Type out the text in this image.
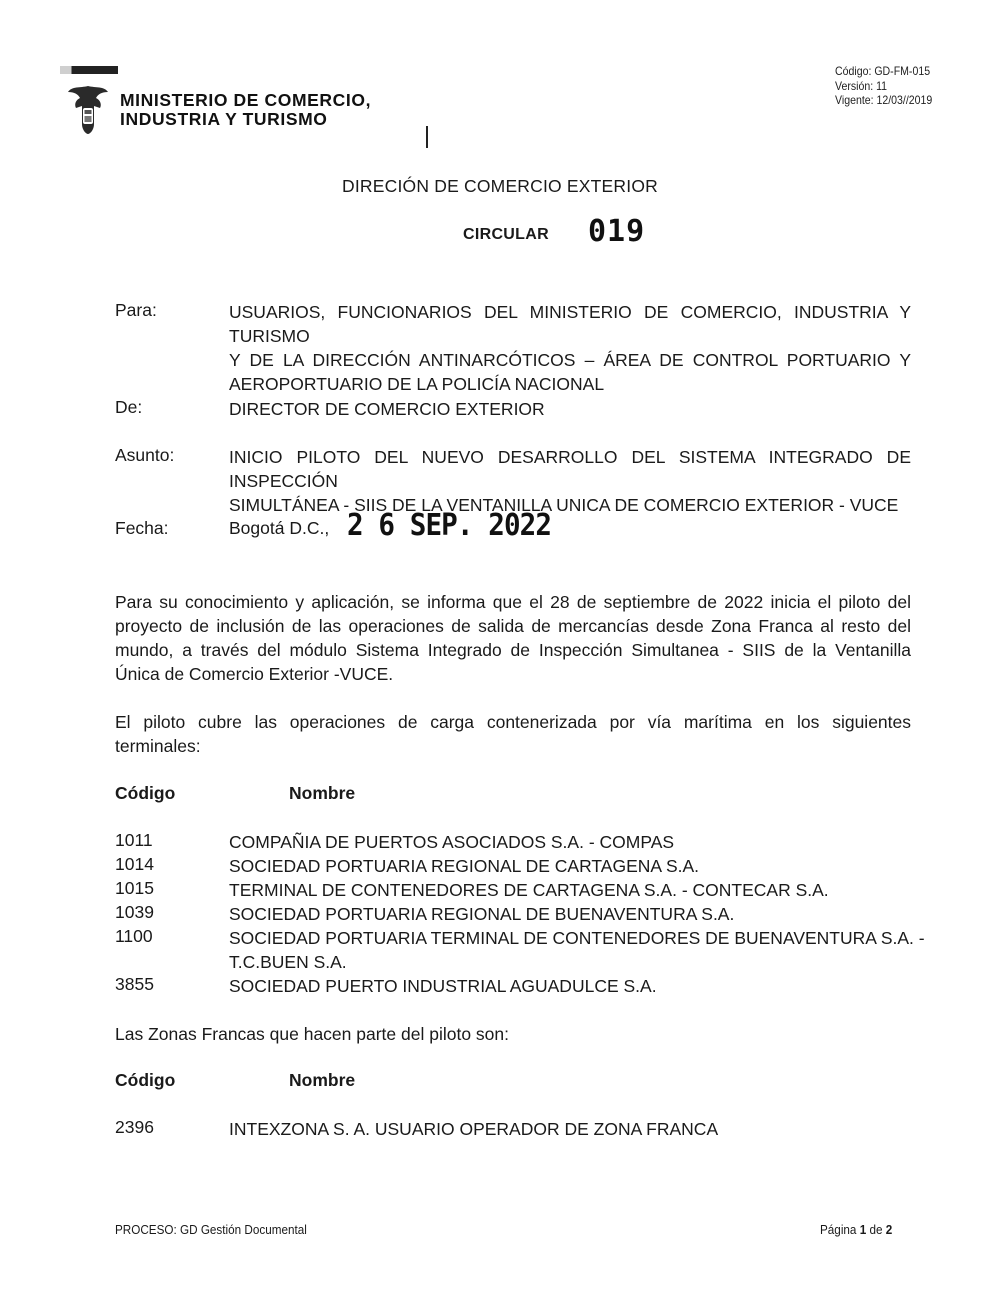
MINISTERIO DE COMERCIO,
INDUSTRIA Y TURISMO
Código: GD-FM-015
Versión: 11
Vigente: 12/03//2019
DIRECIÓN DE COMERCIO EXTERIOR
CIRCULAR 019
Para:	USUARIOS, FUNCIONARIOS DEL MINISTERIO DE COMERCIO, INDUSTRIA Y TURISMO
Y DE LA DIRECCIÓN ANTINARCÓTICOS – ÁREA DE CONTROL PORTUARIO Y
AEROPORTUARIO DE LA POLICÍA NACIONAL
De:	DIRECTOR DE COMERCIO EXTERIOR
Asunto:	INICIO PILOTO DEL NUEVO DESARROLLO DEL SISTEMA INTEGRADO DE INSPECCIÓN
SIMULTÁNEA - SIIS DE LA VENTANILLA UNICA DE COMERCIO EXTERIOR - VUCE
Fecha:	Bogotá D.C., 2 6 SEP. 2022
Para su conocimiento y aplicación, se informa que el 28 de septiembre de 2022 inicia el piloto del
proyecto de inclusión de las operaciones de salida de mercancías desde Zona Franca al resto del
mundo, a través del módulo Sistema Integrado de Inspección Simultanea - SIIS de la Ventanilla
Única de Comercio Exterior -VUCE.
El piloto cubre las operaciones de carga contenerizada por vía marítima en los siguientes
terminales:
Código	Nombre
1011	COMPAÑIA DE PUERTOS ASOCIADOS S.A. - COMPAS
1014	SOCIEDAD PORTUARIA REGIONAL DE CARTAGENA S.A.
1015	TERMINAL DE CONTENEDORES DE CARTAGENA S.A. - CONTECAR S.A.
1039	SOCIEDAD PORTUARIA REGIONAL DE BUENAVENTURA S.A.
1100	SOCIEDAD PORTUARIA TERMINAL DE CONTENEDORES DE BUENAVENTURA S.A. -
T.C.BUEN S.A.
3855	SOCIEDAD PUERTO INDUSTRIAL AGUADULCE S.A.
Las Zonas Francas que hacen parte del piloto son:
Código	Nombre
2396	INTEXZONA S. A. USUARIO OPERADOR DE ZONA FRANCA
PROCESO: GD Gestión Documental	Página 1 de 2
